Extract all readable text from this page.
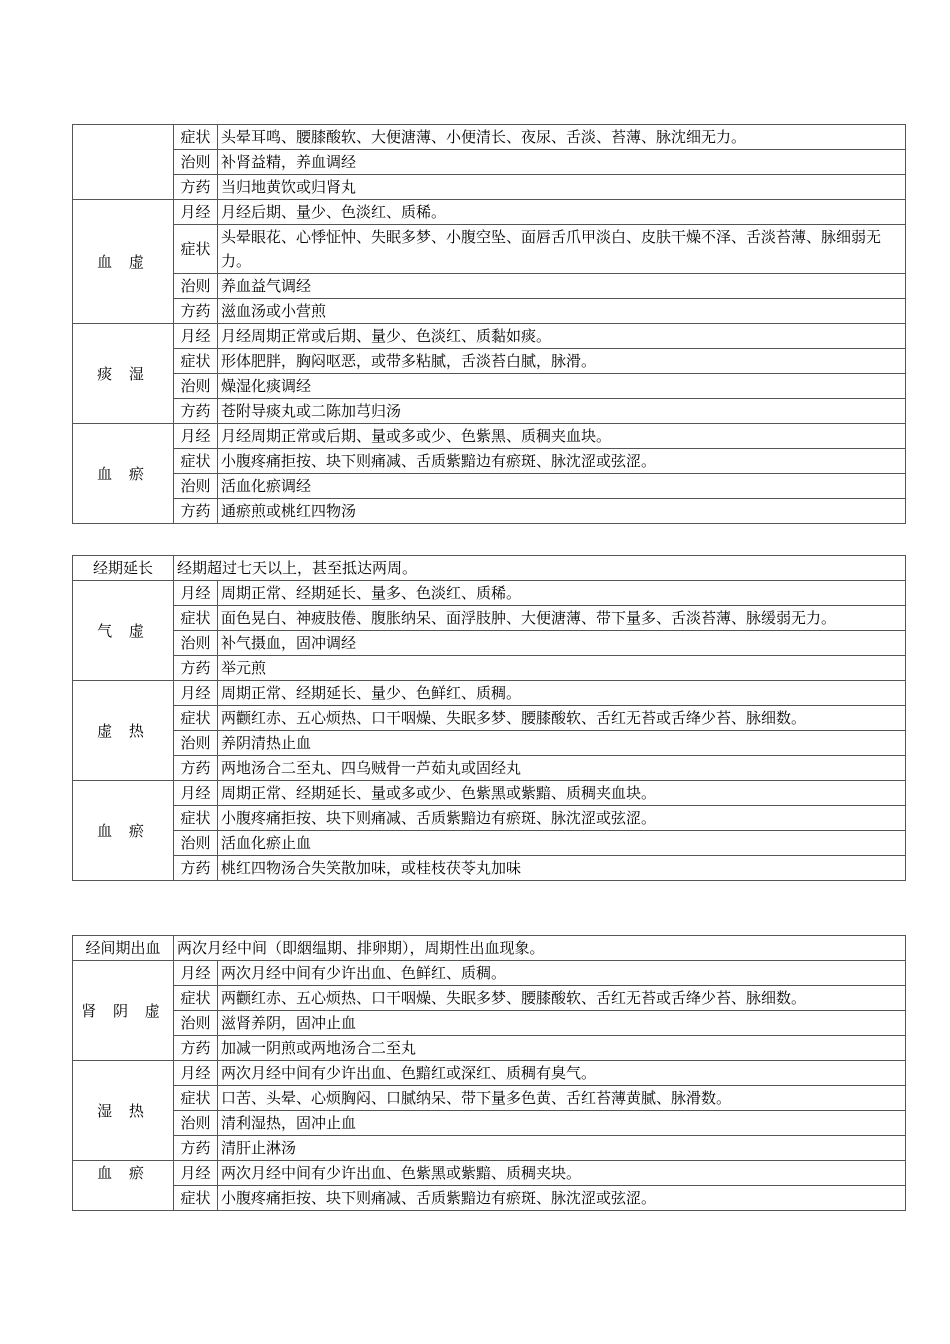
	症状	头晕耳鸣、腰膝酸软、大便溏薄、小便清长、夜尿、舌淡、苔薄、脉沈细无力。
	治则	补肾益精，养血调经
	方药	当归地黄饮或归肾丸
血 虚	月经	月经后期、量少、色淡红、质稀。
	症状	头晕眼花、心悸怔忡、失眠多梦、小腹空坠、面唇舌爪甲淡白、皮肤干燥不泽、舌淡苔薄、脉细弱无力。
	治则	养血益气调经
	方药	滋血汤或小营煎
痰 湿	月经	月经周期正常或后期、量少、色淡红、质黏如痰。
	症状	形体肥胖，胸闷呕恶，或带多粘腻，舌淡苔白腻，脉滑。
	治则	燥湿化痰调经
	方药	苍附导痰丸或二陈加芎归汤
血 瘀	月经	月经周期正常或后期、量或多或少、色紫黑、质稠夹血块。
	症状	小腹疼痛拒按、块下则痛减、舌质紫黯边有瘀斑、脉沈涩或弦涩。
	治则	活血化瘀调经
	方药	通瘀煎或桃红四物汤
经期延长	经期超过七天以上，甚至抵达两周。	
气 虚	月经	周期正常、经期延长、量多、色淡红、质稀。
	症状	面色晃白、神疲肢倦、腹胀纳呆、面浮肢肿、大便溏薄、带下量多、舌淡苔薄、脉缓弱无力。
	治则	补气摄血，固冲调经
	方药	举元煎
虚 热	月经	周期正常、经期延长、量少、色鲜红、质稠。
	症状	两颧红赤、五心烦热、口干咽燥、失眠多梦、腰膝酸软、舌红无苔或舌绛少苔、脉细数。
	治则	养阴清热止血
	方药	两地汤合二至丸、四乌贼骨一芦茹丸或固经丸
血 瘀	月经	周期正常、经期延长、量或多或少、色紫黑或紫黯、质稠夹血块。
	症状	小腹疼痛拒按、块下则痛减、舌质紫黯边有瘀斑、脉沈涩或弦涩。
	治则	活血化瘀止血
	方药	桃红四物汤合失笑散加味，或桂枝茯苓丸加味
经间期出血	两次月经中间（即絪缊期、排卵期），周期性出血现象。	
肾 阴 虚	月经	两次月经中间有少许出血、色鲜红、质稠。
	症状	两颧红赤、五心烦热、口干咽燥、失眠多梦、腰膝酸软、舌红无苔或舌绛少苔、脉细数。
	治则	滋肾养阴，固冲止血
	方药	加减一阴煎或两地汤合二至丸
湿 热	月经	两次月经中间有少许出血、色黯红或深红、质稠有臭气。
	症状	口苦、头晕、心烦胸闷、口腻纳呆、带下量多色黄、舌红苔薄黄腻、脉滑数。
	治则	清利湿热，固冲止血
	方药	清肝止淋汤
血 瘀	月经	两次月经中间有少许出血、色紫黑或紫黯、质稠夹块。
	症状	小腹疼痛拒按、块下则痛减、舌质紫黯边有瘀斑、脉沈涩或弦涩。
